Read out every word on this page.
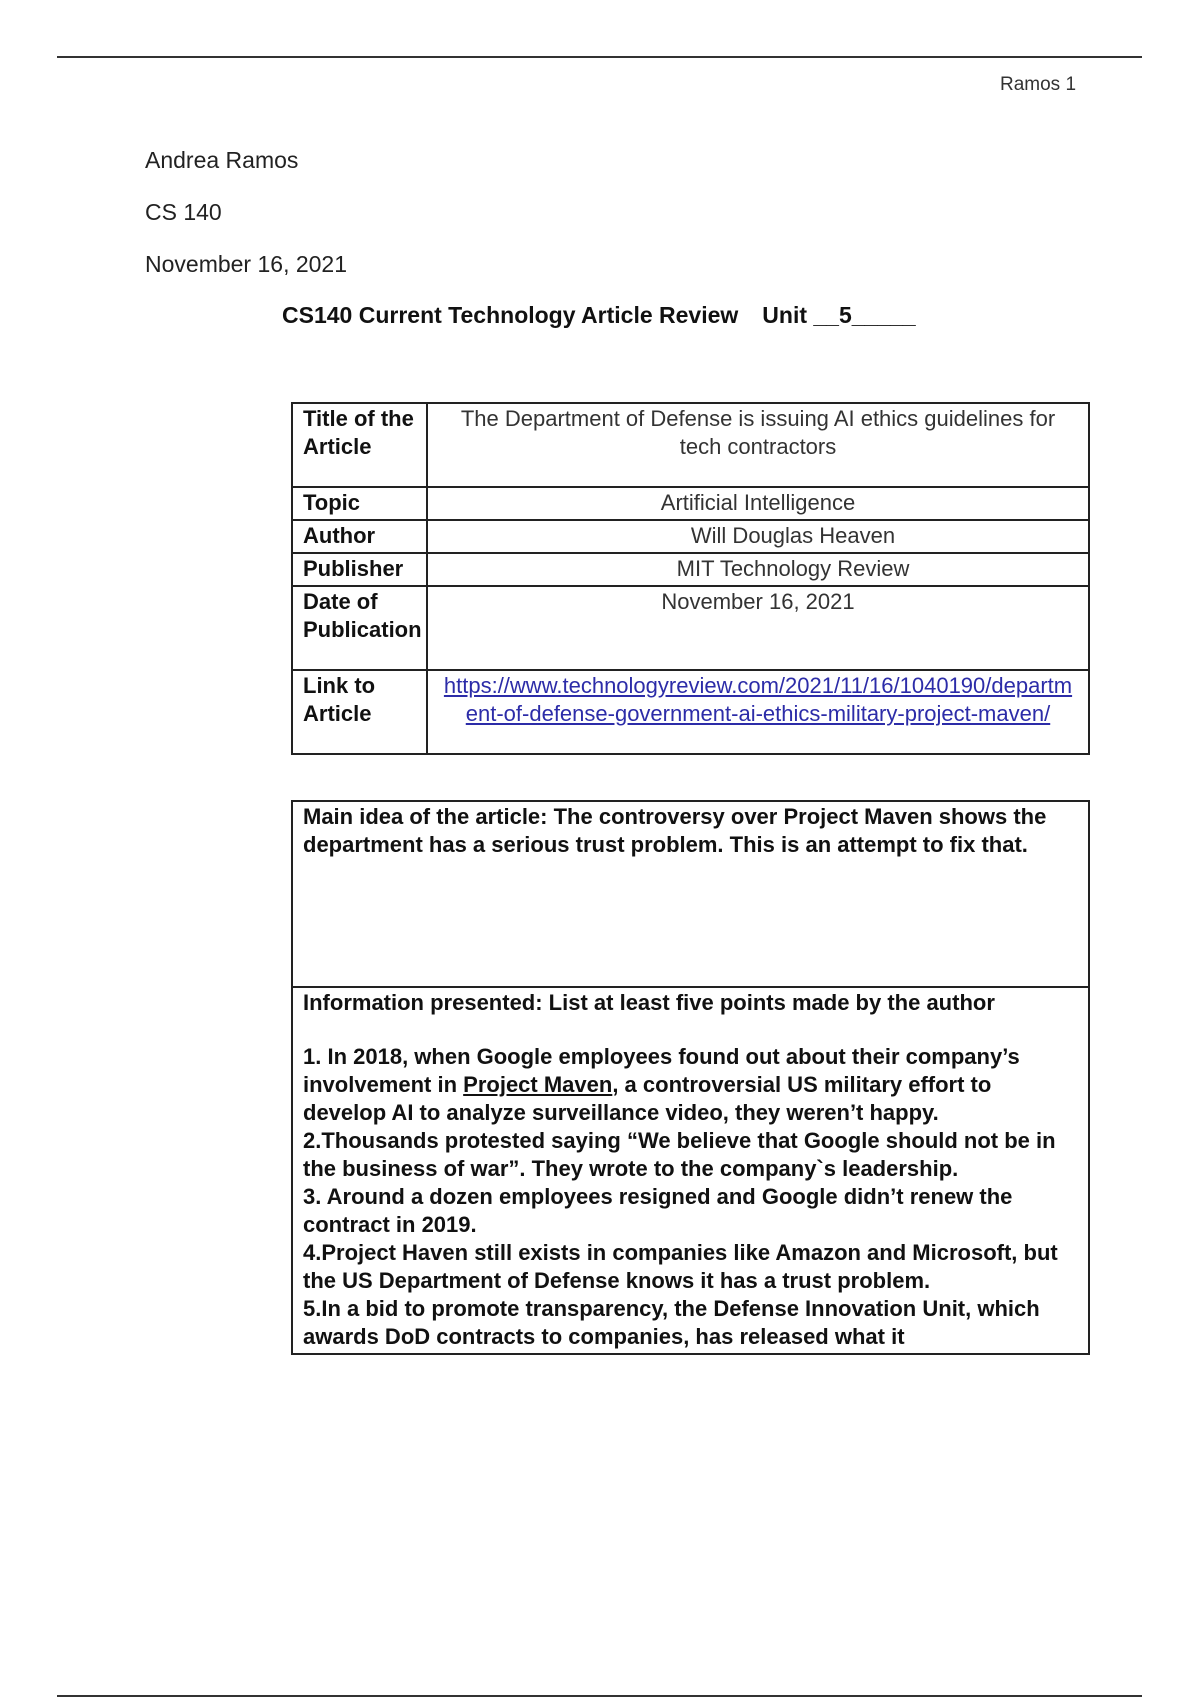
Ramos 1
Andrea Ramos
CS 140
November 16, 2021
CS140 Current Technology Article Review Unit __5_____
Title of the Article	The Department of Defense is issuing AI ethics guidelines for tech contractors
Topic	Artificial Intelligence
Author	Will Douglas Heaven
Publisher	MIT Technology Review
Date of Publication	November 16, 2021
Link to Article	https://www.technologyreview.com/2021/11/16/1040190/department-of-defense-government-ai-ethics-military-project-maven/
Main idea of the article: The controversy over Project Maven shows the department has a serious trust problem. This is an attempt to fix that.

Information presented: List at least five points made by the author

1. In 2018, when Google employees found out about their company’s involvement in Project Maven, a controversial US military effort to develop AI to analyze surveillance video, they weren’t happy.

2.Thousands protested saying “We believe that Google should not be in the business of war”. They wrote to the company`s leadership.

3. Around a dozen employees resigned and Google didn’t renew the contract in 2019.

4.Project Haven still exists in companies like Amazon and Microsoft, but the US Department of Defense knows it has a trust problem.

5.In a bid to promote transparency, the Defense Innovation Unit, which awards DoD contracts to companies, has released what it
